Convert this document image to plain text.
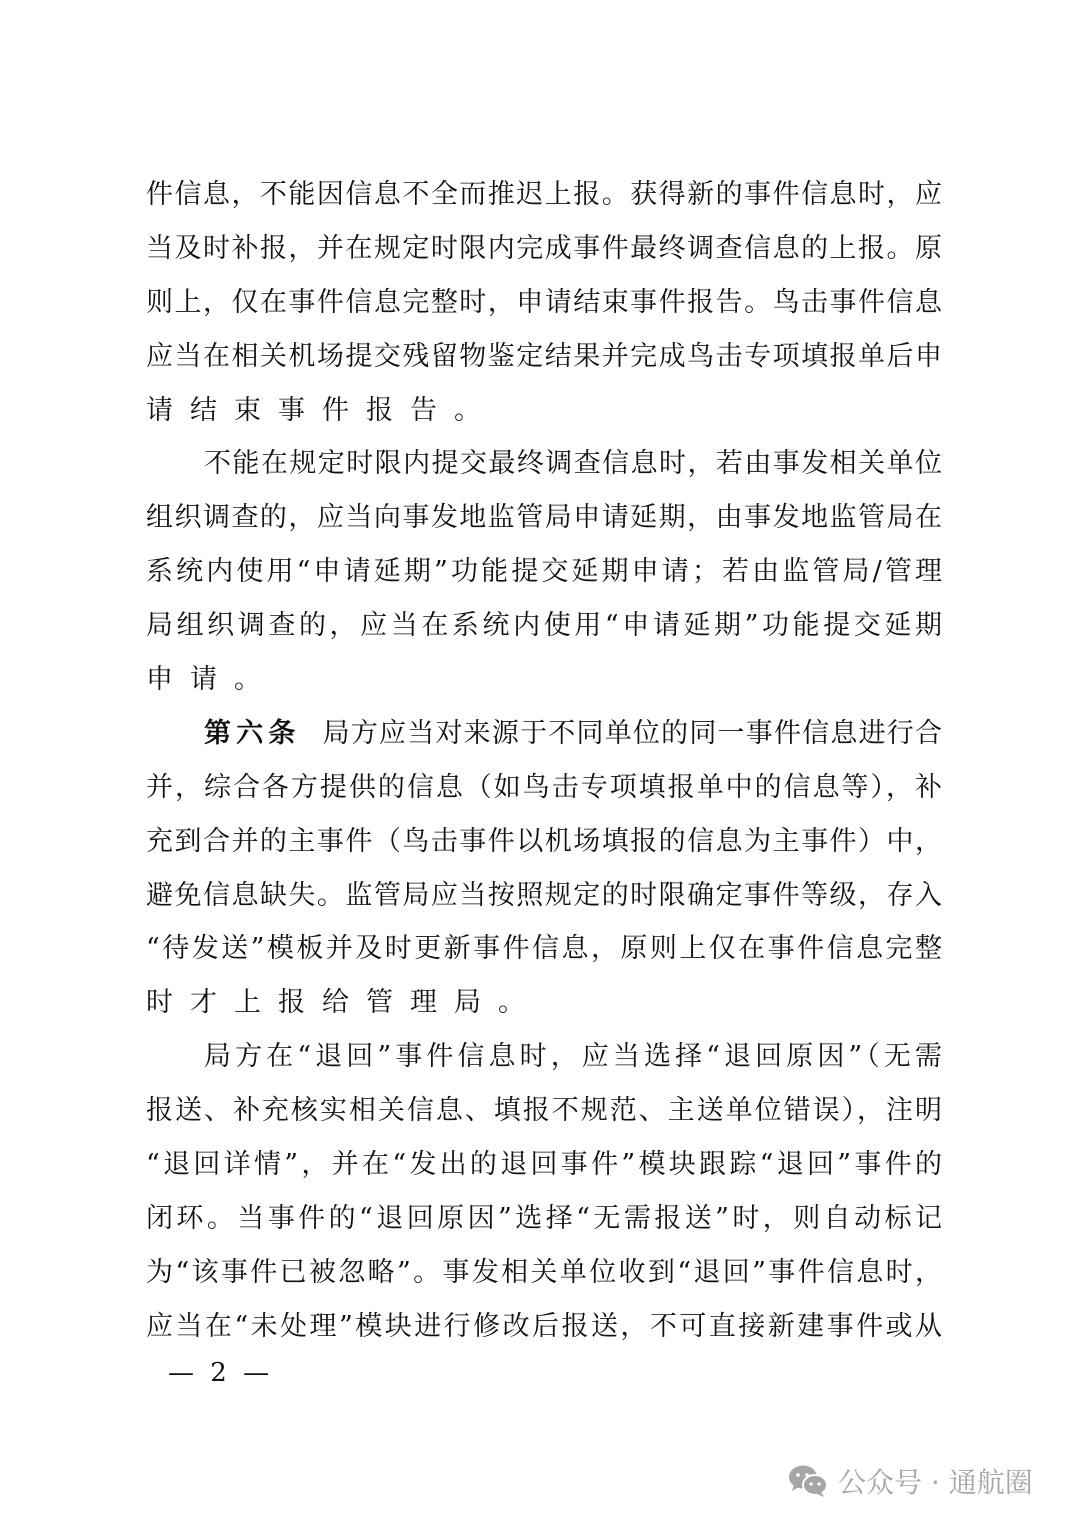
件信息，不能因信息不全而推迟上报。获得新的事件信息时，应
当及时补报，并在规定时限内完成事件最终调查信息的上报。原
则上，仅在事件信息完整时，申请结束事件报告。鸟击事件信息
应当在相关机场提交残留物鉴定结果并完成鸟击专项填报单后申
请结束事件报告。
不能在规定时限内提交最终调查信息时，若由事发相关单位
组织调查的，应当向事发地监管局申请延期，由事发地监管局在
系统内使用“申请延期”功能提交延期申请；若由监管局/管理
局组织调查的，应当在系统内使用“申请延期”功能提交延期
申请。
第六条 局方应当对来源于不同单位的同一事件信息进行合
并，综合各方提供的信息（如鸟击专项填报单中的信息等），补
充到合并的主事件（鸟击事件以机场填报的信息为主事件）中，
避免信息缺失。监管局应当按照规定的时限确定事件等级，存入
“待发送”模板并及时更新事件信息，原则上仅在事件信息完整
时才上报给管理局。
局方在“退回”事件信息时，应当选择“退回原因”（无需
报送、补充核实相关信息、填报不规范、主送单位错误），注明
“退回详情”，并在“发出的退回事件”模块跟踪“退回”事件的
闭环。当事件的“退回原因”选择“无需报送”时，则自动标记
为“该事件已被忽略”。事发相关单位收到“退回”事件信息时，
应当在“未处理”模块进行修改后报送，不可直接新建事件或从
— 2 —
公众号 · 通航圈
